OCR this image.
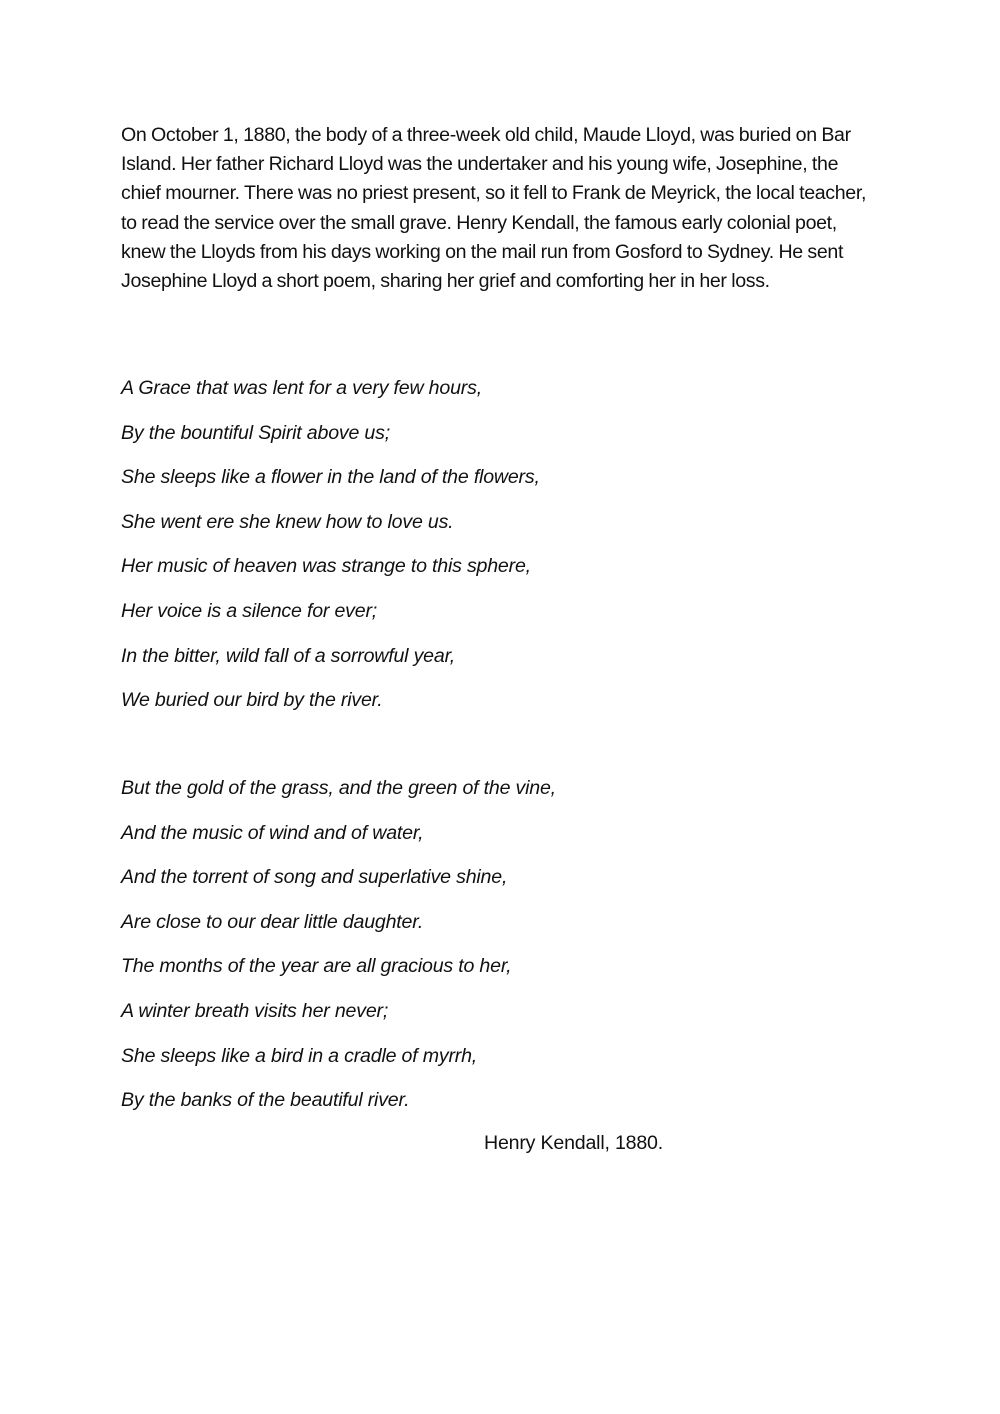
On October 1, 1880, the body of a three-week old child, Maude Lloyd, was buried on Bar Island. Her father Richard Lloyd was the undertaker and his young wife, Josephine, the chief mourner. There was no priest present, so it fell to Frank de Meyrick, the local teacher, to read the service over the small grave. Henry Kendall, the famous early colonial poet, knew the Lloyds from his days working on the mail run from Gosford to Sydney. He sent Josephine Lloyd a short poem, sharing her grief and comforting her in her loss.

A Grace that was lent for a very few hours,
By the bountiful Spirit above us;
She sleeps like a flower in the land of the flowers,
She went ere she knew how to love us.
Her music of heaven was strange to this sphere,
Her voice is a silence for ever;
In the bitter, wild fall of a sorrowful year,
We buried our bird by the river.
But the gold of the grass, and the green of the vine,
And the music of wind and of water,
And the torrent of song and superlative shine,
Are close to our dear little daughter.
The months of the year are all gracious to her,
A winter breath visits her never;
She sleeps like a bird in a cradle of myrrh,
By the banks of the beautiful river.

Henry Kendall, 1880.
